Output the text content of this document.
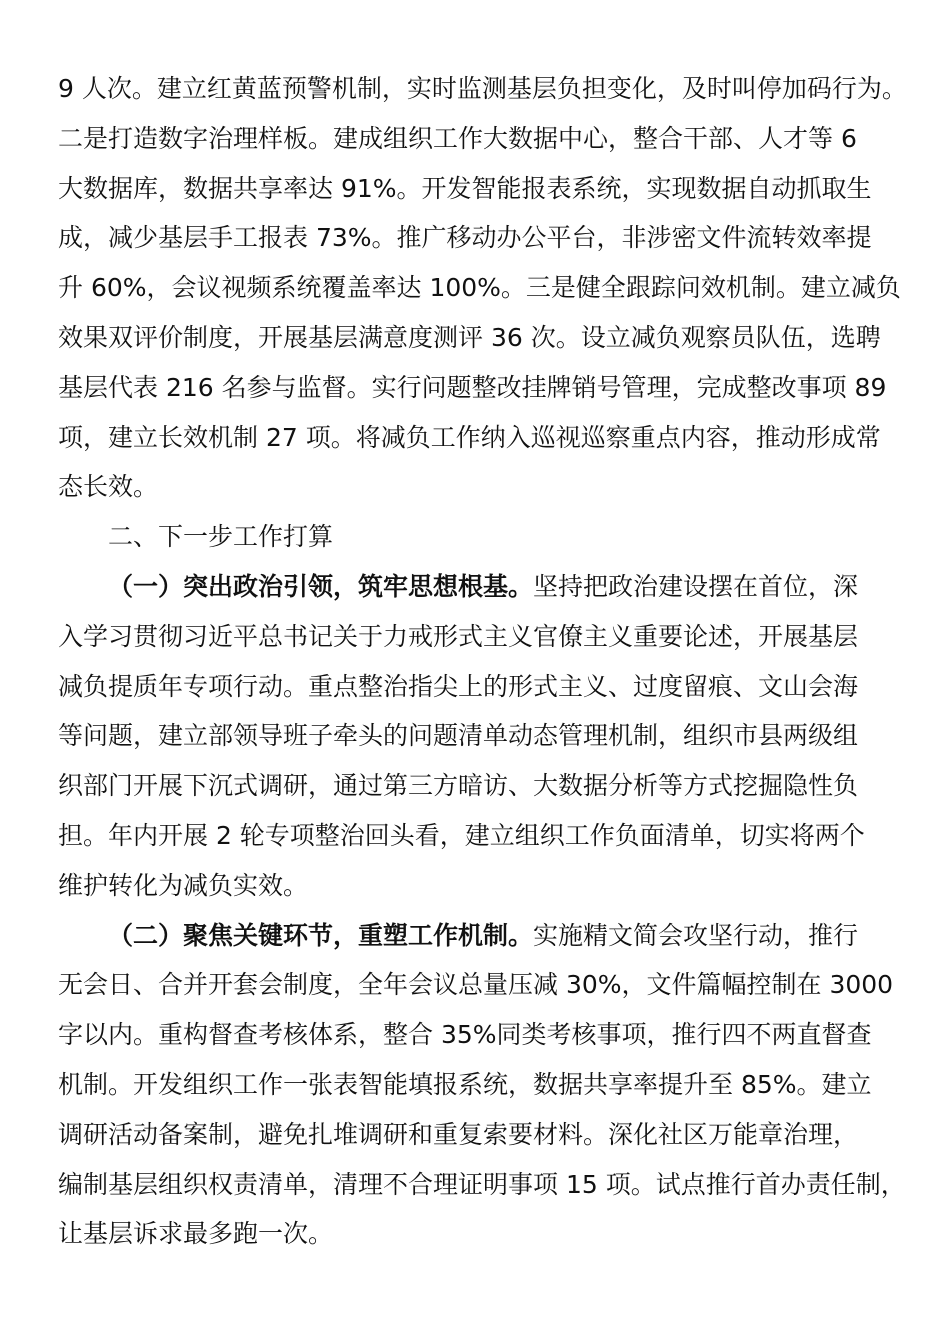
9 人次。建立红黄蓝预警机制，实时监测基层负担变化，及时叫停加码行为。
二是打造数字治理样板。建成组织工作大数据中心，整合干部、人才等 6
大数据库，数据共享率达 91%。开发智能报表系统，实现数据自动抓取生
成，减少基层手工报表 73%。推广移动办公平台，非涉密文件流转效率提
升 60%，会议视频系统覆盖率达 100%。三是健全跟踪问效机制。建立减负
效果双评价制度，开展基层满意度测评 36 次。设立减负观察员队伍，选聘
基层代表 216 名参与监督。实行问题整改挂牌销号管理，完成整改事项 89
项，建立长效机制 27 项。将减负工作纳入巡视巡察重点内容，推动形成常
态长效。
二、下一步工作打算
（一）突出政治引领，筑牢思想根基。坚持把政治建设摆在首位，深
入学习贯彻习近平总书记关于力戒形式主义官僚主义重要论述，开展基层
减负提质年专项行动。重点整治指尖上的形式主义、过度留痕、文山会海
等问题，建立部领导班子牵头的问题清单动态管理机制，组织市县两级组
织部门开展下沉式调研，通过第三方暗访、大数据分析等方式挖掘隐性负
担。年内开展 2 轮专项整治回头看，建立组织工作负面清单，切实将两个
维护转化为减负实效。
（二）聚焦关键环节，重塑工作机制。实施精文简会攻坚行动，推行
无会日、合并开套会制度，全年会议总量压减 30%，文件篇幅控制在 3000
字以内。重构督查考核体系，整合 35%同类考核事项，推行四不两直督查
机制。开发组织工作一张表智能填报系统，数据共享率提升至 85%。建立
调研活动备案制，避免扎堆调研和重复索要材料。深化社区万能章治理，
编制基层组织权责清单，清理不合理证明事项 15 项。试点推行首办责任制，
让基层诉求最多跑一次。
